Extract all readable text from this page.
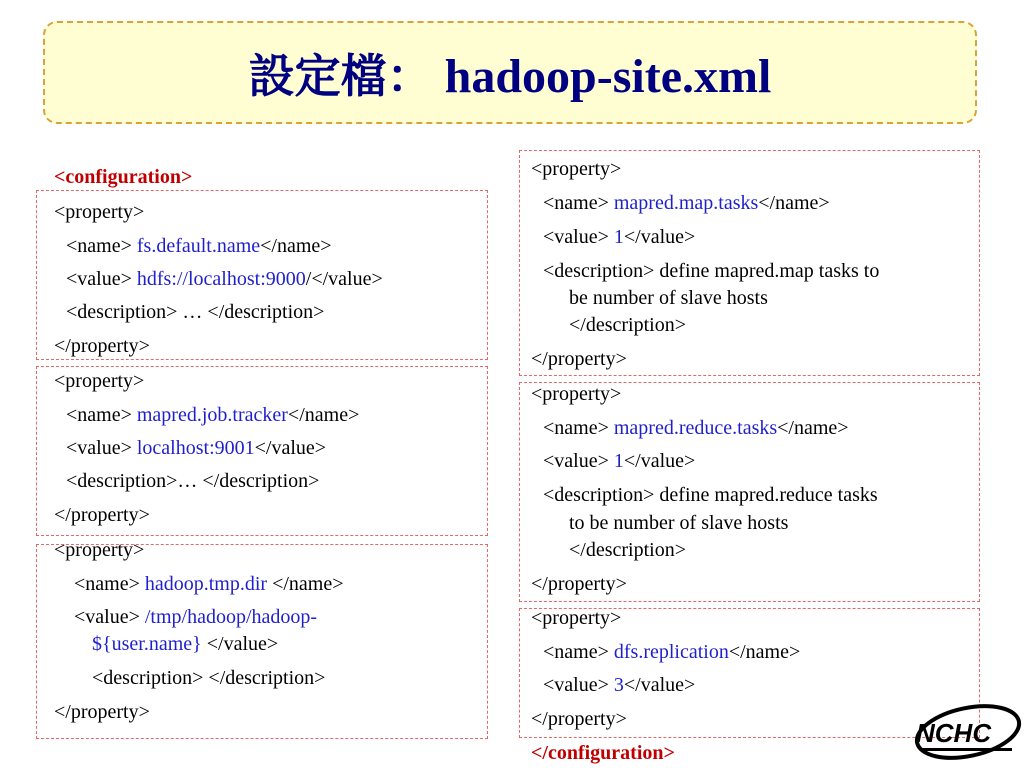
設定檔： hadoop-site.xml
<configuration>
<property>
<name> fs.default.name</name>
<value> hdfs://localhost:9000/</value>
<description> … </description>
</property>
<property>
<name> mapred.job.tracker</name>
<value> localhost:9001</value>
<description>… </description>
</property>
<property>
<name> hadoop.tmp.dir </name>
<value> /tmp/hadoop/hadoop-
${user.name} </value>
<description> </description>
</property>
<property>
<name> mapred.map.tasks</name>
<value> 1</value>
<description> define mapred.map tasks to
be number of slave hosts
</description>
</property>
<property>
<name> mapred.reduce.tasks</name>
<value> 1</value>
<description> define mapred.reduce tasks
to be number of slave hosts
</description>
</property>
<property>
<name> dfs.replication</name>
<value> 3</value>
</property>
</configuration>
NCHC
